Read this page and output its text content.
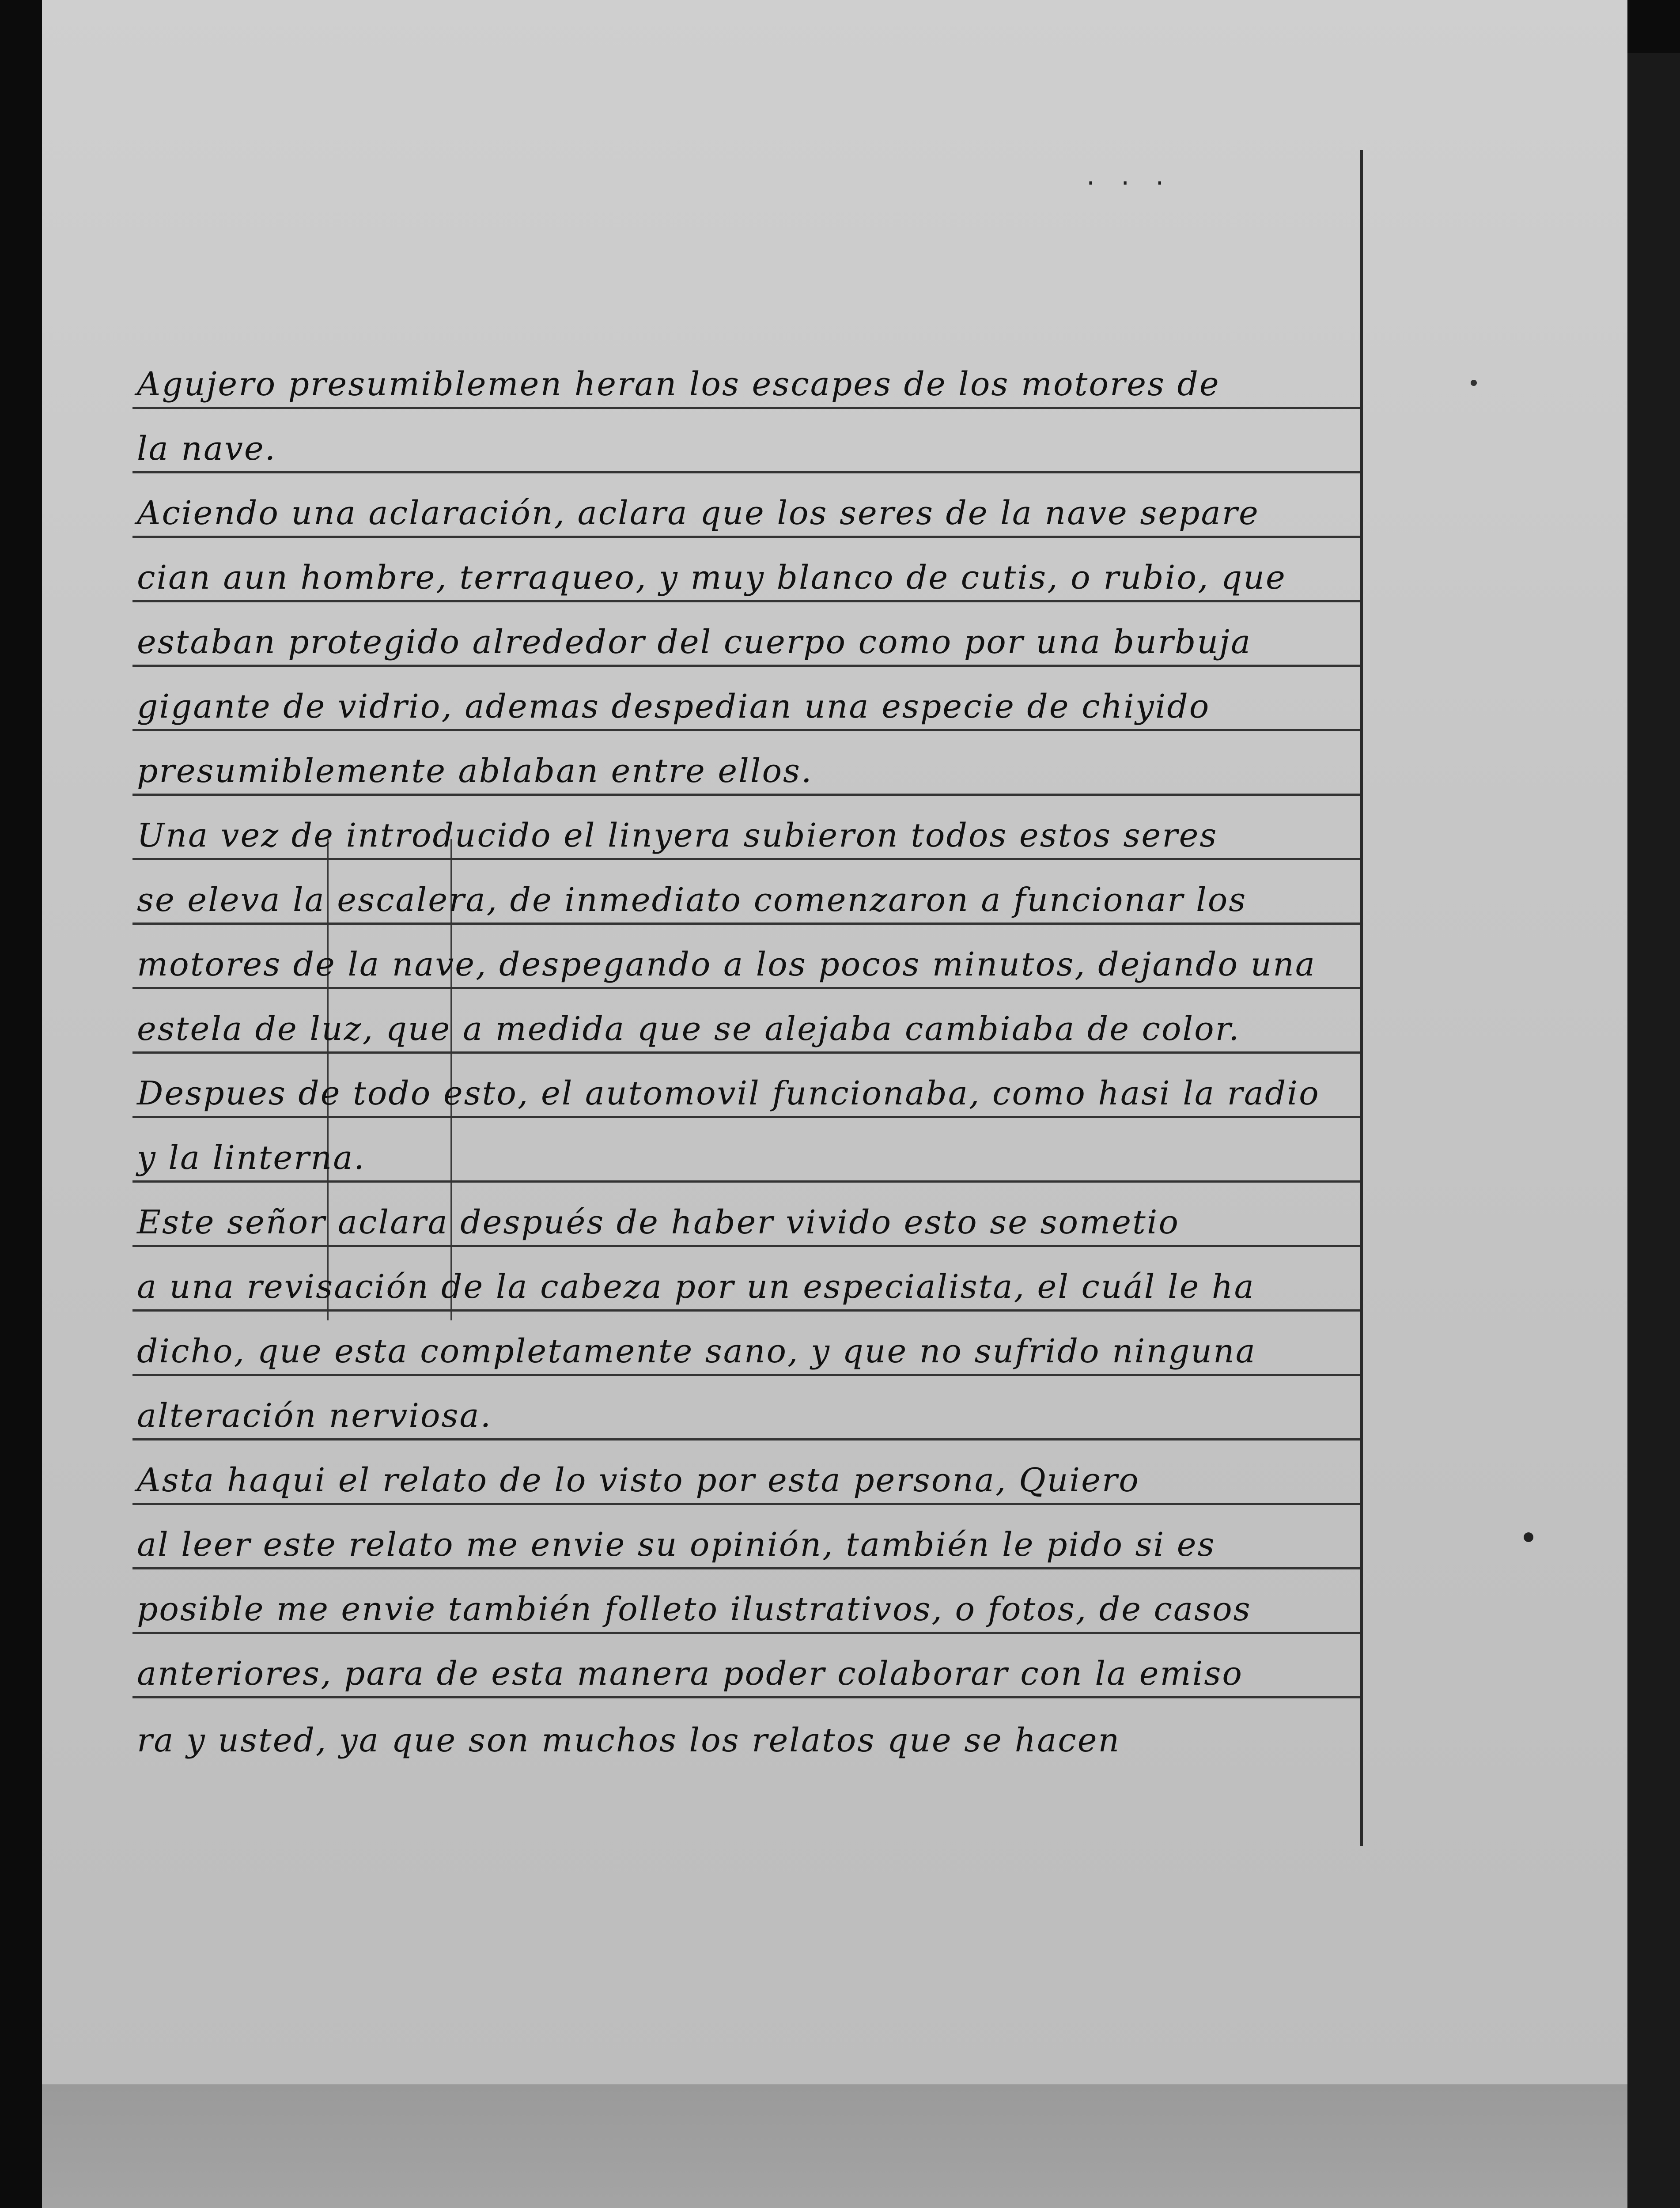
· · ·
Agujero presumiblemen heran los escapes de los motores de
la nave.
Aciendo una aclaración, aclara que los seres de la nave separe
cian aun hombre, terraqueo, y muy blanco de cutis, o rubio, que
estaban protegido alrededor del cuerpo como por una burbuja
gigante de vidrio, ademas despedian una especie de chiyido
presumiblemente ablaban entre ellos.
Una vez de introducido el linyera subieron todos estos seres
se eleva la escalera, de inmediato comenzaron a funcionar los
motores de la nave, despegando a los pocos minutos, dejando una
estela de luz, que a medida que se alejaba cambiaba de color.
Despues de todo esto, el automovil funcionaba, como hasi la radio
y la linterna.
Este señor aclara después de haber vivido esto se sometio
a una revisación de la cabeza por un especialista, el cuál le ha
dicho, que esta completamente sano, y que no sufrido ninguna
alteración nerviosa.
Asta haqui el relato de lo visto por esta persona, Quiero
al leer este relato me envie su opinión, también le pido si es
posible me envie también folleto ilustrativos, o fotos, de casos
anteriores, para de esta manera poder colaborar con la emiso
ra y usted, ya que son muchos los relatos que se hacen
